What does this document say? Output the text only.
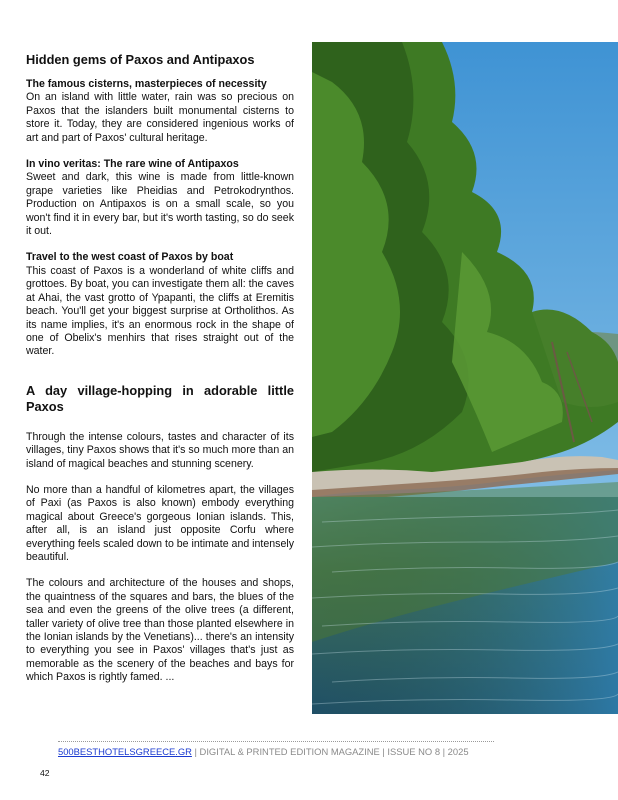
Hidden gems of Paxos and Antipaxos
The famous cisterns, masterpieces of necessity

On an island with little water, rain was so precious on Paxos that the islanders built monumental cisterns to store it. Today, they are considered ingenious works of art and part of Paxos' cultural heritage.

In vino veritas: The rare wine of Antipaxos

Sweet and dark, this wine is made from little-known grape varieties like Pheidias and Petrokodrynthos. Production on Antipaxos is on a small scale, so you won't find it in every bar, but it's worth tasting, so do seek it out.

Travel to the west coast of Paxos by boat

This coast of Paxos is a wonderland of white cliffs and grottoes. By boat, you can investigate them all: the caves at Ahai, the vast grotto of Ypapanti, the cliffs at Eremitis beach. You'll get your biggest surprise at Ortholithos. As its name implies, it's an enormous rock in the shape of one of Obelix's menhirs that rises straight out of the water.

A day village-hopping in adorable little Paxos

Through the intense colours, tastes and character of its villages, tiny Paxos shows that it's so much more than an island of magical beaches and stunning scenery.

No more than a handful of kilometres apart, the villages of Paxi (as Paxos is also known) embody everything magical about Greece's gorgeous Ionian islands. This, after all, is an island just opposite Corfu where everything feels scaled down to be intimate and intensely beautiful.

The colours and architecture of the houses and shops, the quaintness of the squares and bars, the blues of the sea and even the greens of the olive trees (a different, taller variety of olive tree than those planted elsewhere in the Ionian islands by the Venetians)... there's an intensity to everything you see in Paxos' villages that's just as memorable as the scenery of the beaches and bays for which Paxos is rightly famed. ...

500BESTHOTELSGREECE.GR | DIGITAL & PRINTED EDITION MAGAZINE | ISSUE NO 8 | 2025
42
